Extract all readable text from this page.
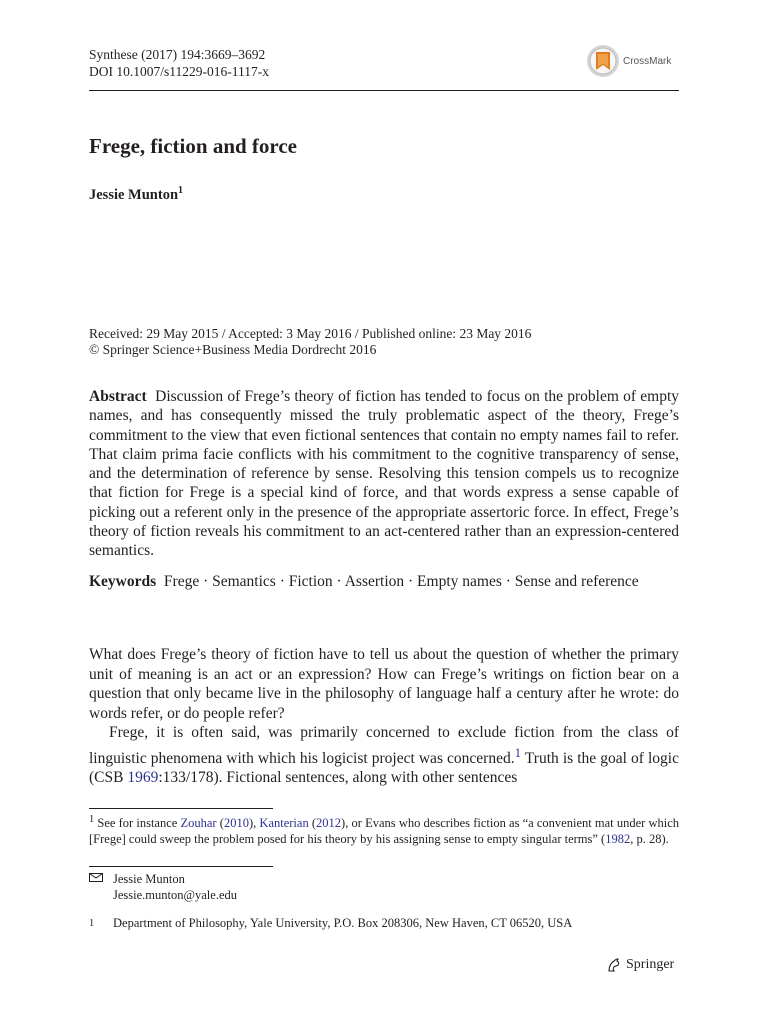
Synthese (2017) 194:3669–3692
DOI 10.1007/s11229-016-1117-x
CrossMark
Frege, fiction and force
Jessie Munton$^1$
Received: 29 May 2015 / Accepted: 3 May 2016 / Published online: 23 May 2016
© Springer Science+Business Media Dordrecht 2016
Abstract Discussion of Frege’s theory of fiction has tended to focus on the problem of empty names, and has consequently missed the truly problematic aspect of the theory, Frege’s commitment to the view that even fictional sentences that contain no empty names fail to refer. That claim prima facie conflicts with his commitment to the cognitive transparency of sense, and the determination of reference by sense. Resolving this tension compels us to recognize that fiction for Frege is a special kind of force, and that words express a sense capable of picking out a referent only in the presence of the appropriate assertoric force. In effect, Frege’s theory of fiction reveals his commitment to an act-centered rather than an expression-centered semantics.
Keywords Frege · Semantics · Fiction · Assertion · Empty names · Sense and reference

What does Frege’s theory of fiction have to tell us about the question of whether the primary unit of meaning is an act or an expression? How can Frege’s writings on fiction bear on a question that only became live in the philosophy of language half a century after he wrote: do words refer, or do people refer?

Frege, it is often said, was primarily concerned to exclude fiction from the class of linguistic phenomena with which his logicist project was concerned.$^1$ Truth is the goal of logic (CSB 1969:133/178). Fictional sentences, along with other sentences

$^1$ See for instance Zouhar (2010), Kanterian (2012), or Evans who describes fiction as “a convenient mat under which [Frege] could sweep the problem posed for his theory by his assigning sense to empty singular terms” (1982, p. 28).
Jessie Munton
Jessie.munton@yale.edu
$^1$	Department of Philosophy, Yale University, P.O. Box 208306, New Haven, CT 06520, USA
Springer
